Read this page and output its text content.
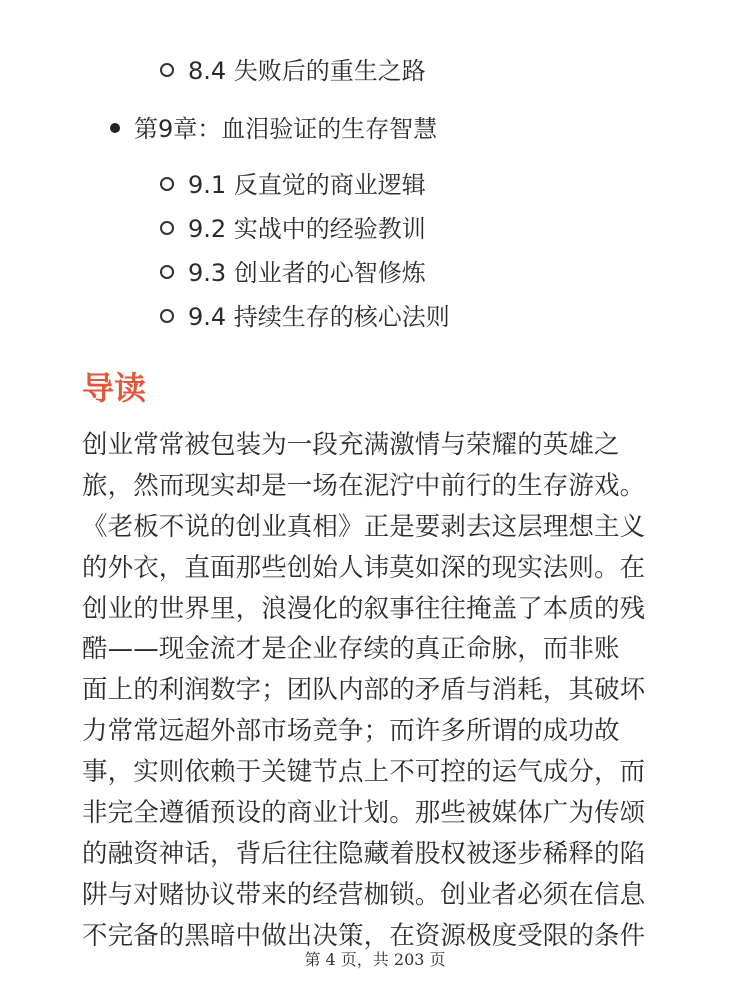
8.4 失败后的重生之路
第9章：血泪验证的生存智慧
9.1 反直觉的商业逻辑
9.2 实战中的经验教训
9.3 创业者的心智修炼
9.4 持续生存的核心法则
导读
创业常常被包装为一段充满激情与荣耀的英雄之
旅，然而现实却是一场在泥泞中前行的生存游戏。
《老板不说的创业真相》正是要剥去这层理想主义
的外衣，直面那些创始人讳莫如深的现实法则。在
创业的世界里，浪漫化的叙事往往掩盖了本质的残
酷——现金流才是企业存续的真正命脉，而非账
面上的利润数字；团队内部的矛盾与消耗，其破坏
力常常远超外部市场竞争；而许多所谓的成功故
事，实则依赖于关键节点上不可控的运气成分，而
非完全遵循预设的商业计划。那些被媒体广为传颂
的融资神话，背后往往隐藏着股权被逐步稀释的陷
阱与对赌协议带来的经营枷锁。创业者必须在信息
不完备的黑暗中做出决策，在资源极度受限的条件
第 4 页，共 203 页
